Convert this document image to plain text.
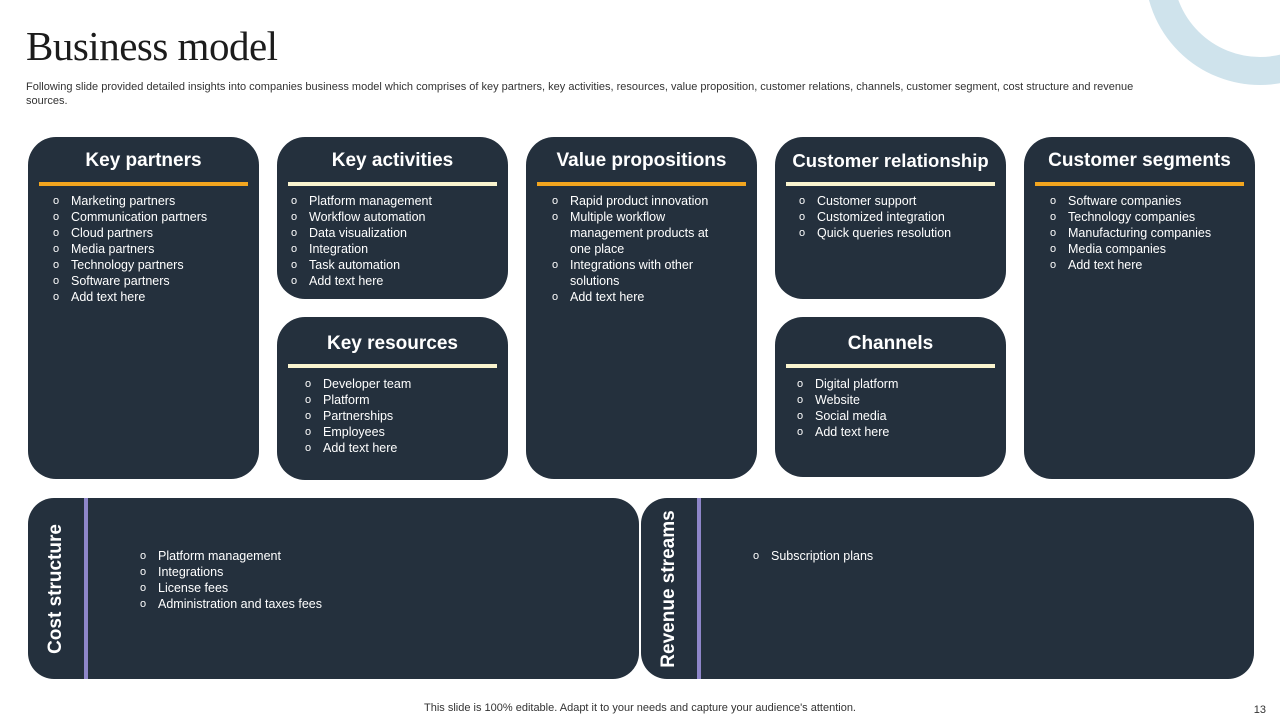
Business model
Following slide provided detailed insights into companies business model which comprises of key partners, key activities, resources, value proposition, customer relations, channels, customer segment, cost structure and revenue sources.
Key partners
o Marketing partners
o Communication partners
o Cloud partners
o Media partners
o Technology partners
o Software partners
o Add text here
Key activities
o Platform management
o Workflow automation
o Data visualization
o Integration
o Task automation
o Add text here
Key resources
o Developer team
o Platform
o Partnerships
o Employees
o Add text here
Value propositions
o Rapid product innovation
o Multiple workflow management products at one place
o Integrations with other solutions
o Add text here
Customer relationship
o Customer support
o Customized integration
o Quick queries resolution
Channels
o Digital platform
o Website
o Social media
o Add text here
Customer segments
o Software companies
o Technology companies
o Manufacturing companies
o Media companies
o Add text here
Cost structure	o Platform management
o Integrations
o License fees
o Administration and taxes fees	Revenue streams	o Subscription plans
This slide is 100% editable. Adapt it to your needs and capture your audience's attention.	13
